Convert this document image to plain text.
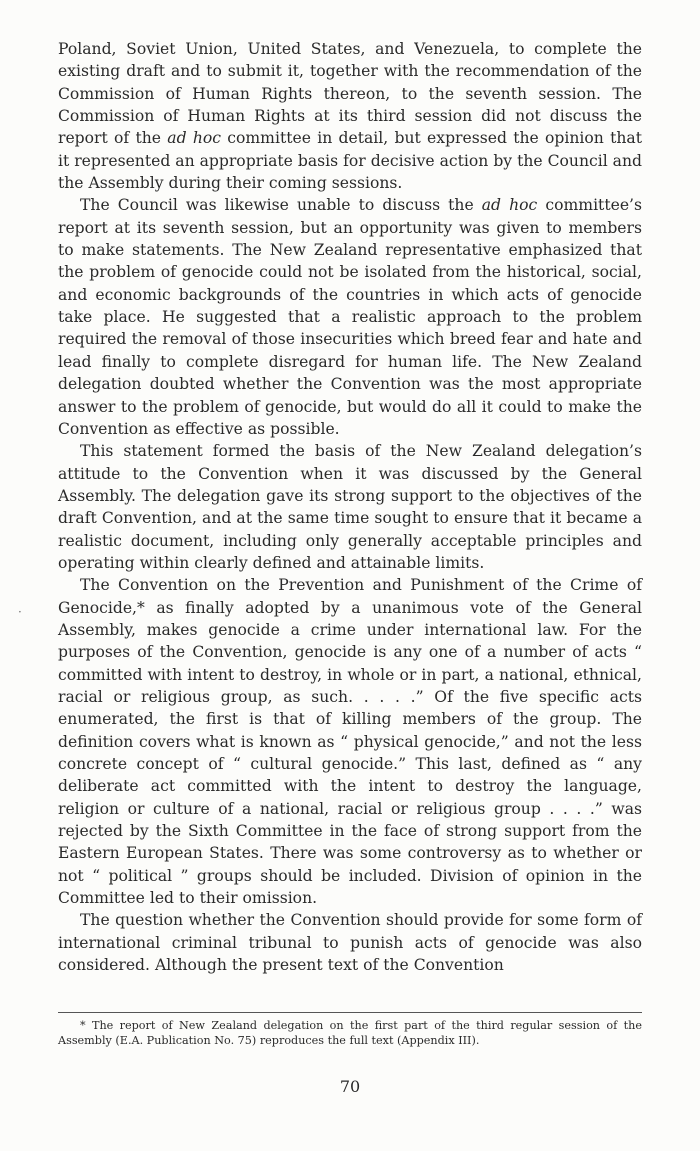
Poland, Soviet Union, United States, and Venezuela, to complete the existing draft and to submit it, together with the recommendation of the Commission of Human Rights thereon, to the seventh session. The Commission of Human Rights at its third session did not discuss the report of the ad hoc committee in detail, but expressed the opinion that it represented an appropriate basis for decisive action by the Council and the Assembly during their coming sessions.

The Council was likewise unable to discuss the ad hoc committee’s report at its seventh session, but an opportunity was given to members to make statements. The New Zealand representative emphasized that the problem of genocide could not be isolated from the historical, social, and economic backgrounds of the countries in which acts of genocide take place. He suggested that a realistic approach to the problem required the removal of those insecurities which breed fear and hate and lead finally to complete disregard for human life. The New Zealand delegation doubted whether the Convention was the most appropriate answer to the problem of genocide, but would do all it could to make the Convention as effective as possible.

This statement formed the basis of the New Zealand delegation’s attitude to the Convention when it was discussed by the General Assembly. The delegation gave its strong support to the objectives of the draft Convention, and at the same time sought to ensure that it became a realistic document, including only generally acceptable principles and operating within clearly defined and attainable limits.

The Convention on the Prevention and Punishment of the Crime of Genocide,* as finally adopted by a unanimous vote of the General Assembly, makes genocide a crime under international law. For the purposes of the Convention, genocide is any one of a number of acts “ committed with intent to destroy, in whole or in part, a national, ethnical, racial or religious group, as such. . . . .” Of the five specific acts enumerated, the first is that of killing members of the group. The definition covers what is known as “ physical genocide,” and not the less concrete concept of “ cultural genocide.” This last, defined as “ any deliberate act committed with the intent to destroy the language, religion or culture of a national, racial or religious group . . . .” was rejected by the Sixth Committee in the face of strong support from the Eastern European States. There was some controversy as to whether or not “ political ” groups should be included. Division of opinion in the Committee led to their omission.

The question whether the Convention should provide for some form of international criminal tribunal to punish acts of genocide was also considered. Although the present text of the Convention

·
* The report of New Zealand delegation on the first part of the third regular session of the Assembly (E.A. Publication No. 75) reproduces the full text (Appendix III).
70
